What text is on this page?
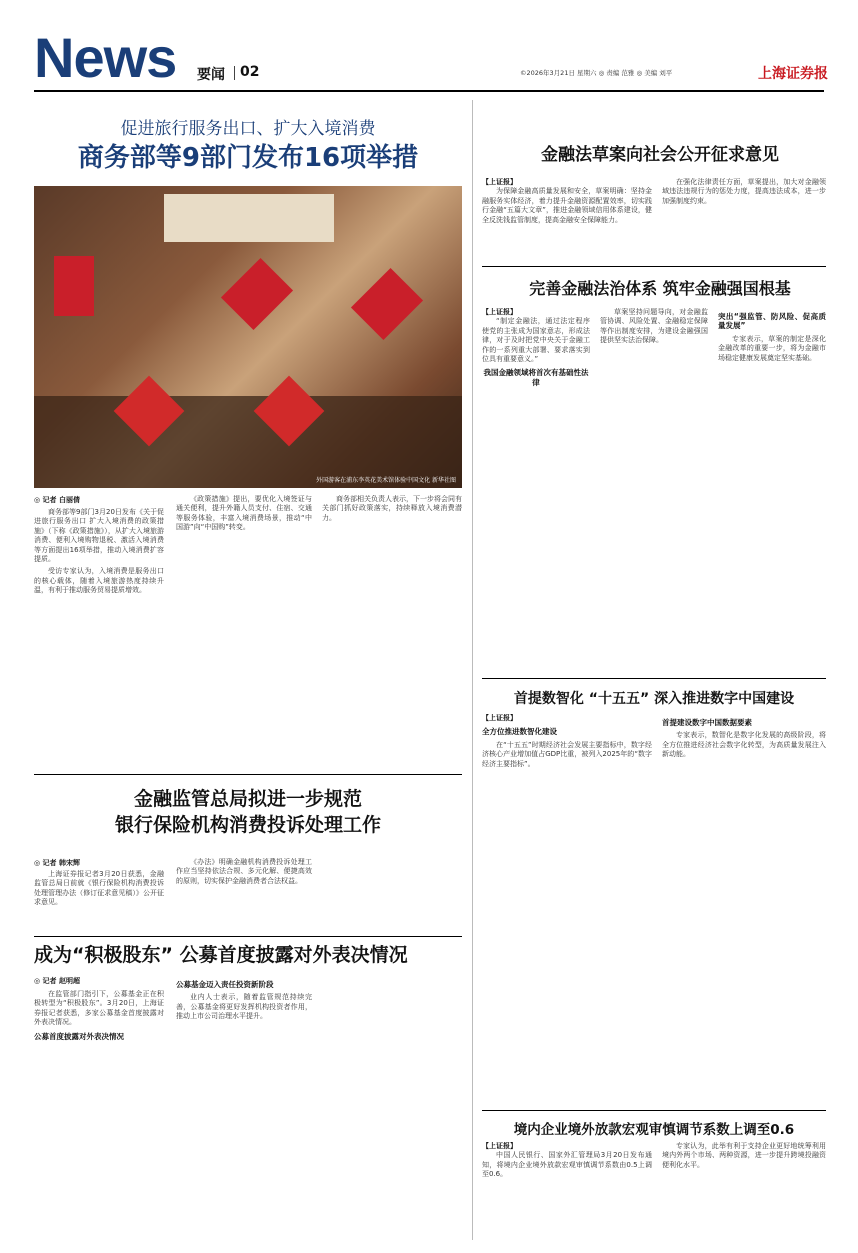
News 要闻 02	©2026年3月21日 星期六 ◎ 责编 范雅 ◎ 美编 刘平	上海证券报
促进旅行服务出口、扩大入境消费
商务部等9部门发布16项举措
外国游客在浦东李英花美术馆体验中国文化 新华社图
◎ 记者 白丽倩

商务部等9部门3月20日发布《关于促进旅行服务出口 扩大入境消费的政策措施》（下称《政策措施》），从扩大入境旅游消费、便利入境购物退税、激活入境消费等方面提出16项举措，推动入境消费扩容提质。

受访专家认为，入境消费是服务出口的核心载体，随着入境旅游热度持续升温，有利于推动服务贸易提质增效。

《政策措施》提出，要优化入境签证与通关便利，提升外籍人员支付、住宿、交通等服务体验，丰富入境消费场景，推动“中国游”向“中国购”转变。

商务部相关负责人表示，下一步将会同有关部门抓好政策落实，持续释放入境消费潜力。

金融监管总局拟进一步规范
银行保险机构消费投诉处理工作
◎ 记者 韩宋辉

上海证券报记者3月20日获悉，金融监管总局日前就《银行保险机构消费投诉处理管理办法（修订征求意见稿）》公开征求意见。

《办法》明确金融机构消费投诉处理工作应当坚持依法合规、多元化解、便捷高效的原则，切实保护金融消费者合法权益。

成为“积极股东” 公募首度披露对外表决情况
◎ 记者 赵明超

在监管部门指引下，公募基金正在积极转型为“积极股东”。3月20日，上海证券报记者获悉，多家公募基金首度披露对外表决情况。

公募首度披露对外表决情况
公募基金迈入责任投资新阶段

业内人士表示，随着监管规范持续完善，公募基金将更好发挥机构投资者作用，推动上市公司治理水平提升。

金融法草案向社会公开征求意见
【上证报】

为保障金融高质量发展和安全，草案明确：坚持金融服务实体经济，着力提升金融资源配置效率，切实践行金融“五篇大文章”，推进金融领域信用体系建设，健全反洗钱监管制度，提高金融安全保障能力。

在强化法律责任方面，草案提出，加大对金融领域违法违规行为的惩处力度，提高违法成本，进一步加强制度约束。

完善金融法治体系 筑牢金融强国根基
【上证报】

“制定金融法，通过法定程序使党的主张成为国家意志，形成法律，对于及时把党中央关于金融工作的一系列重大部署、要求落实到位具有重要意义。”

我国金融领域将首次有基础性法律

草案坚持问题导向，对金融监管协调、风险处置、金融稳定保障等作出制度安排，为建设金融强国提供坚实法治保障。

突出“强监管、防风险、促高质量发展”

专家表示，草案的制定是深化金融改革的重要一步，将为金融市场稳定健康发展奠定坚实基础。

首提数智化 “十五五” 深入推进数字中国建设
【上证报】
全方位推进数智化建设

在“十五五”时期经济社会发展主要指标中，数字经济核心产业增加值占GDP比重，被列入2025年的“数字经济主要指标”。

首提建设数字中国数据要素

专家表示，数智化是数字化发展的高级阶段，将全方位推进经济社会数字化转型，为高质量发展注入新动能。

境内企业境外放款宏观审慎调节系数上调至0.6
【上证报】

中国人民银行、国家外汇管理局3月20日发布通知，将境内企业境外放款宏观审慎调节系数由0.5上调至0.6。

专家认为，此举有利于支持企业更好地统筹利用境内外两个市场、两种资源，进一步提升跨境投融资便利化水平。
